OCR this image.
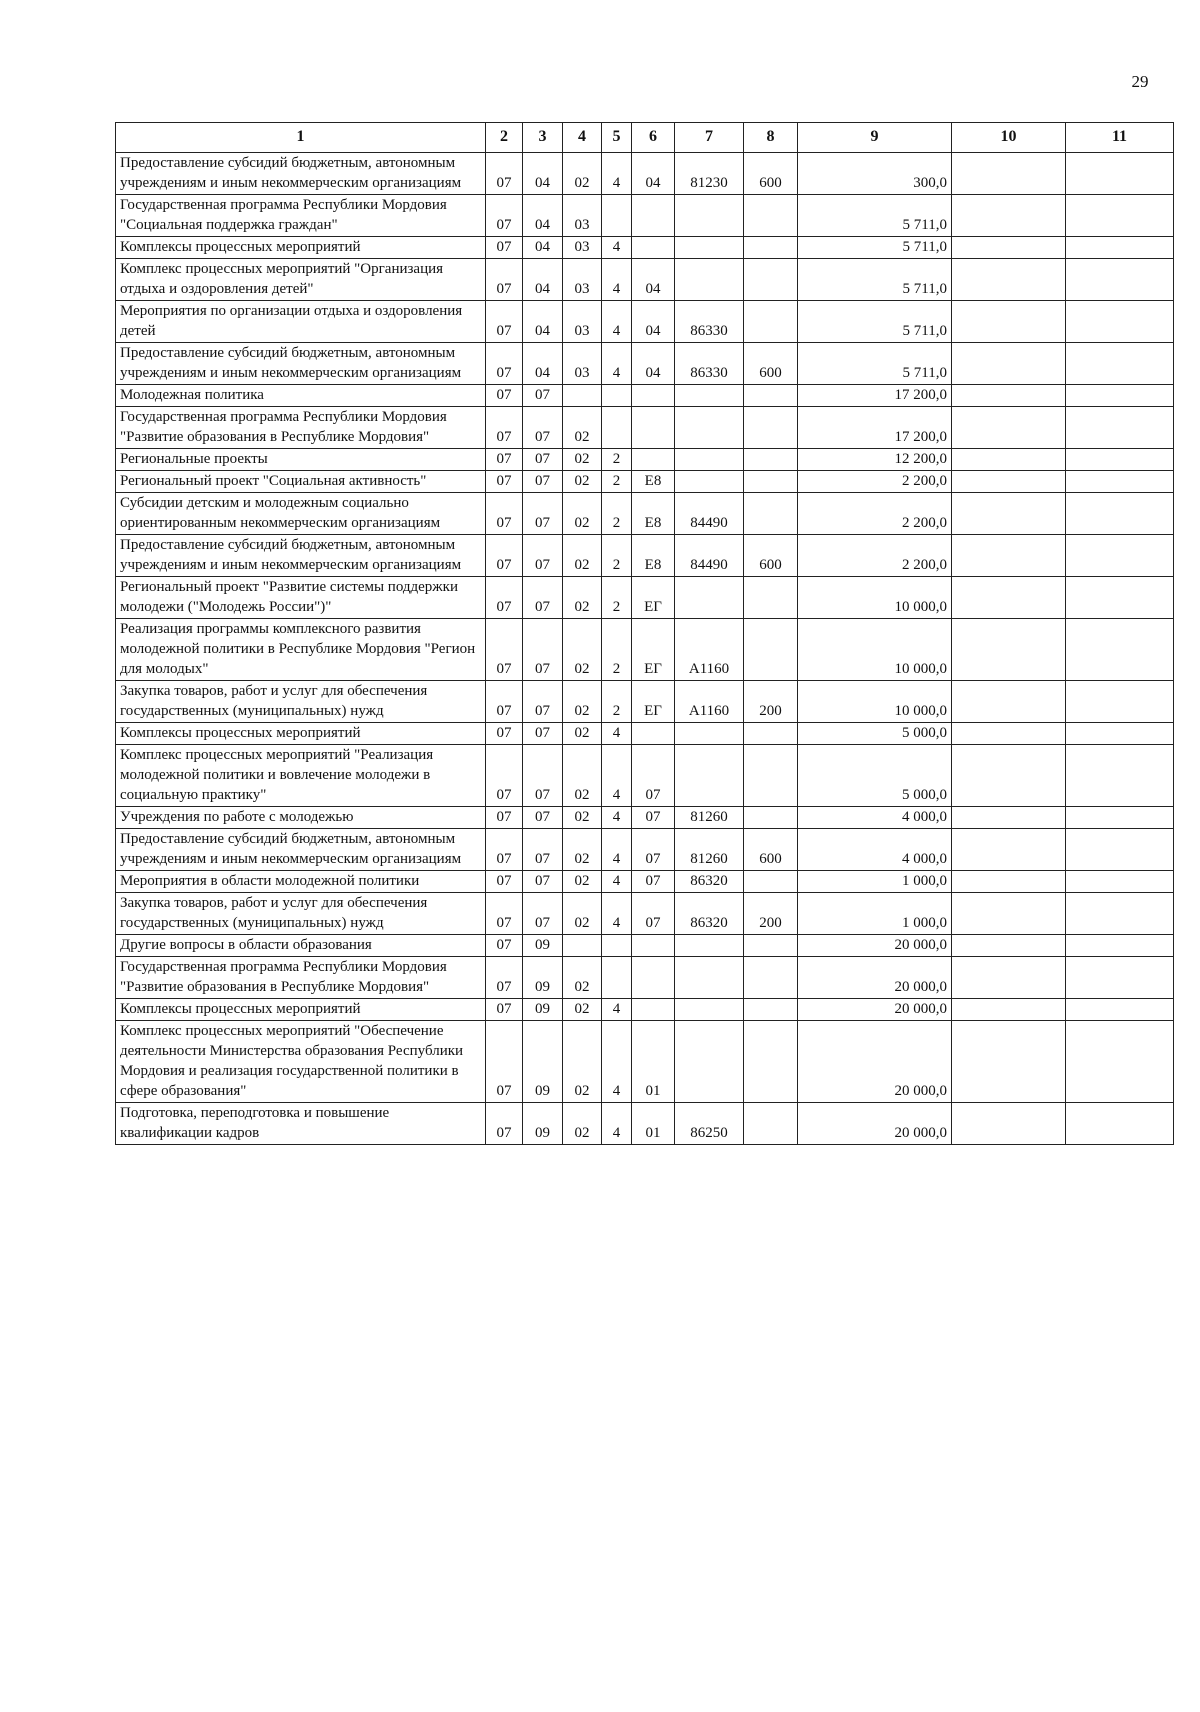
29
1	2	3	4	5	6	7	8	9	10	11
Предоставление субсидий бюджетным, автономным учреждениям и иным некоммерческим организациям	07	04	02	4	04	81230	600	300,0		
Государственная программа Республики Мордовия "Социальная поддержка граждан"	07	04	03					5 711,0		
Комплексы процессных мероприятий	07	04	03	4				5 711,0		
Комплекс процессных мероприятий "Организация отдыха и оздоровления детей"	07	04	03	4	04			5 711,0		
Мероприятия по организации отдыха и оздоровления детей	07	04	03	4	04	86330		5 711,0		
Предоставление субсидий бюджетным, автономным учреждениям и иным некоммерческим организациям	07	04	03	4	04	86330	600	5 711,0		
Молодежная политика	07	07						17 200,0		
Государственная программа Республики Мордовия "Развитие образования в Республике Мордовия"	07	07	02					17 200,0		
Региональные проекты	07	07	02	2				12 200,0		
Региональный проект "Социальная активность"	07	07	02	2	E8			2 200,0		
Субсидии детским и молодежным социально ориентированным некоммерческим организациям	07	07	02	2	E8	84490		2 200,0		
Предоставление субсидий бюджетным, автономным учреждениям и иным некоммерческим организациям	07	07	02	2	E8	84490	600	2 200,0		
Региональный проект "Развитие системы поддержки молодежи ("Молодежь России")"	07	07	02	2	ЕГ			10 000,0		
Реализация программы комплексного развития молодежной политики в Республике Мордовия "Регион для молодых"	07	07	02	2	ЕГ	А1160		10 000,0		
Закупка товаров, работ и услуг для обеспечения государственных (муниципальных) нужд	07	07	02	2	ЕГ	А1160	200	10 000,0		
Комплексы процессных мероприятий	07	07	02	4				5 000,0		
Комплекс процессных мероприятий "Реализация молодежной политики и вовлечение молодежи в социальную практику"	07	07	02	4	07			5 000,0		
Учреждения по работе с молодежью	07	07	02	4	07	81260		4 000,0		
Предоставление субсидий бюджетным, автономным учреждениям и иным некоммерческим организациям	07	07	02	4	07	81260	600	4 000,0		
Мероприятия в области молодежной политики	07	07	02	4	07	86320		1 000,0		
Закупка товаров, работ и услуг для обеспечения государственных (муниципальных) нужд	07	07	02	4	07	86320	200	1 000,0		
Другие вопросы в области образования	07	09						20 000,0		
Государственная программа Республики Мордовия "Развитие образования в Республике Мордовия"	07	09	02					20 000,0		
Комплексы процессных мероприятий	07	09	02	4				20 000,0		
Комплекс процессных мероприятий "Обеспечение деятельности Министерства образования Республики Мордовия и реализация государственной политики в сфере образования"	07	09	02	4	01			20 000,0		
Подготовка, переподготовка и повышение квалификации кадров	07	09	02	4	01	86250		20 000,0		
